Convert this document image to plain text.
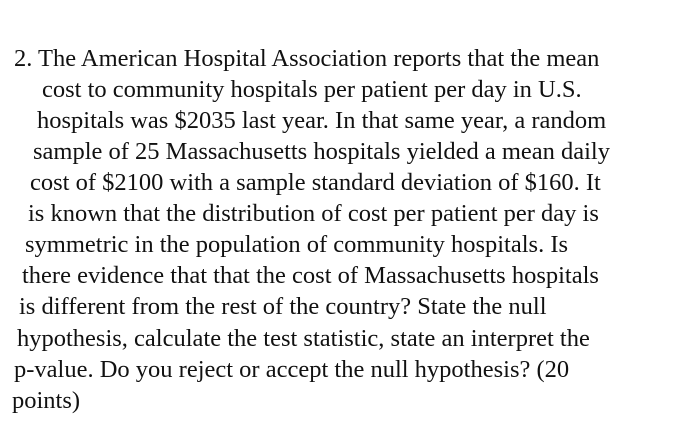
2. The American Hospital Association reports that the mean
cost to community hospitals per patient per day in U.S.
hospitals was $2035 last year. In that same year, a random
sample of 25 Massachusetts hospitals yielded a mean daily
cost of $2100 with a sample standard deviation of $160. It
is known that the distribution of cost per patient per day is
symmetric in the population of community hospitals. Is
there evidence that that the cost of Massachusetts hospitals
is different from the rest of the country? State the null
hypothesis, calculate the test statistic, state an interpret the
p-value. Do you reject or accept the null hypothesis? (20
points)
